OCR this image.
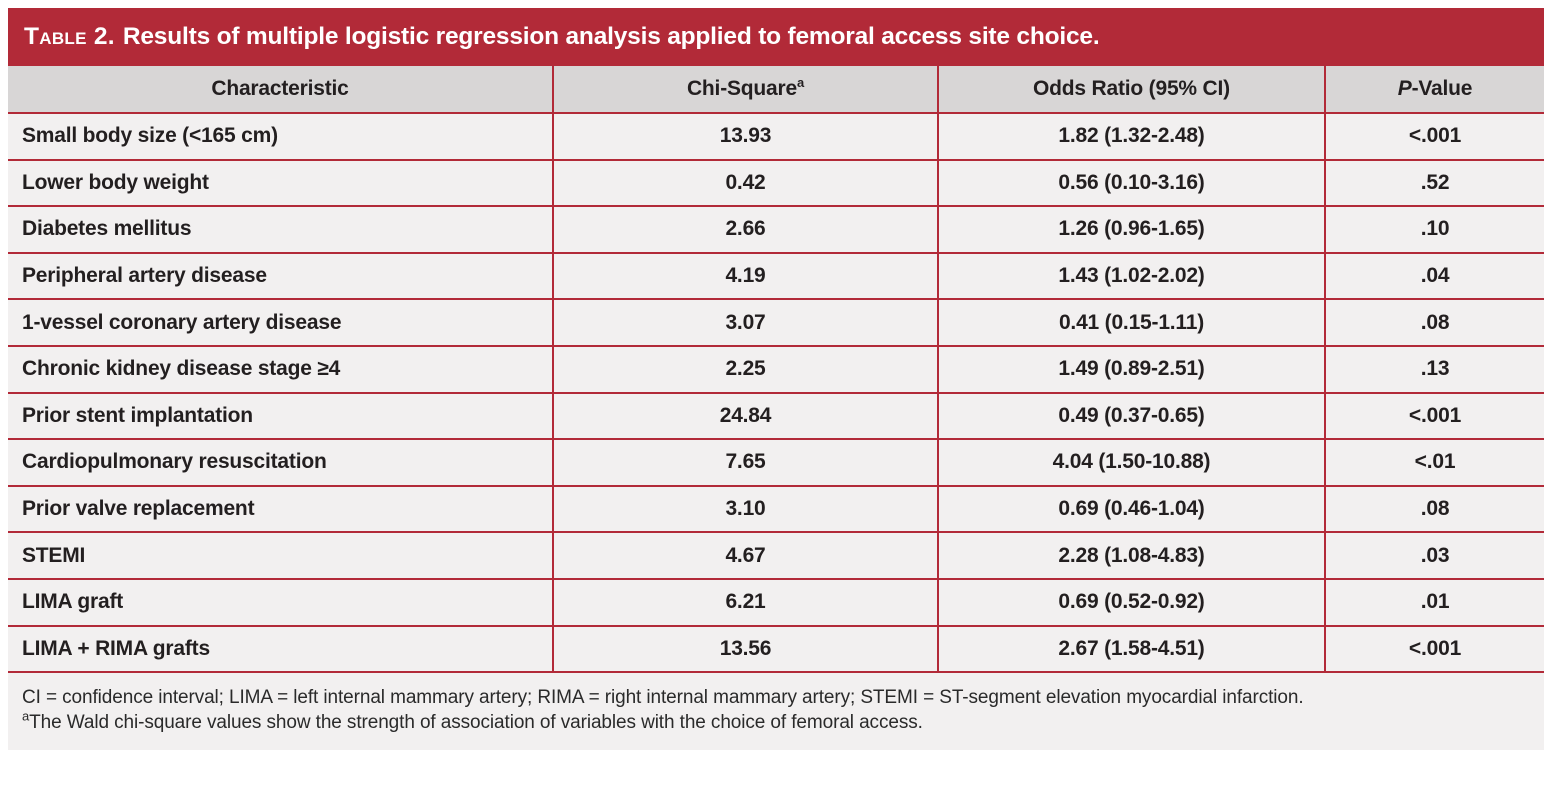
Table 2. Results of multiple logistic regression analysis applied to femoral access site choice.
Characteristic	Chi-Square$^a$	Odds Ratio (95% CI)	P-Value
Small body size (<165 cm)	13.93	1.82 (1.32-2.48)	<.001
Lower body weight	0.42	0.56 (0.10-3.16)	.52
Diabetes mellitus	2.66	1.26 (0.96-1.65)	.10
Peripheral artery disease	4.19	1.43 (1.02-2.02)	.04
1-vessel coronary artery disease	3.07	0.41 (0.15-1.11)	.08
Chronic kidney disease stage ≥4	2.25	1.49 (0.89-2.51)	.13
Prior stent implantation	24.84	0.49 (0.37-0.65)	<.001
Cardiopulmonary resuscitation	7.65	4.04 (1.50-10.88)	<.01
Prior valve replacement	3.10	0.69 (0.46-1.04)	.08
STEMI	4.67	2.28 (1.08-4.83)	.03
LIMA graft	6.21	0.69 (0.52-0.92)	.01
LIMA + RIMA grafts	13.56	2.67 (1.58-4.51)	<.001
CI = confidence interval; LIMA = left internal mammary artery; RIMA = right internal mammary artery; STEMI = ST-segment elevation myocardial infarction.
$^a$The Wald chi-square values show the strength of association of variables with the choice of femoral access.
